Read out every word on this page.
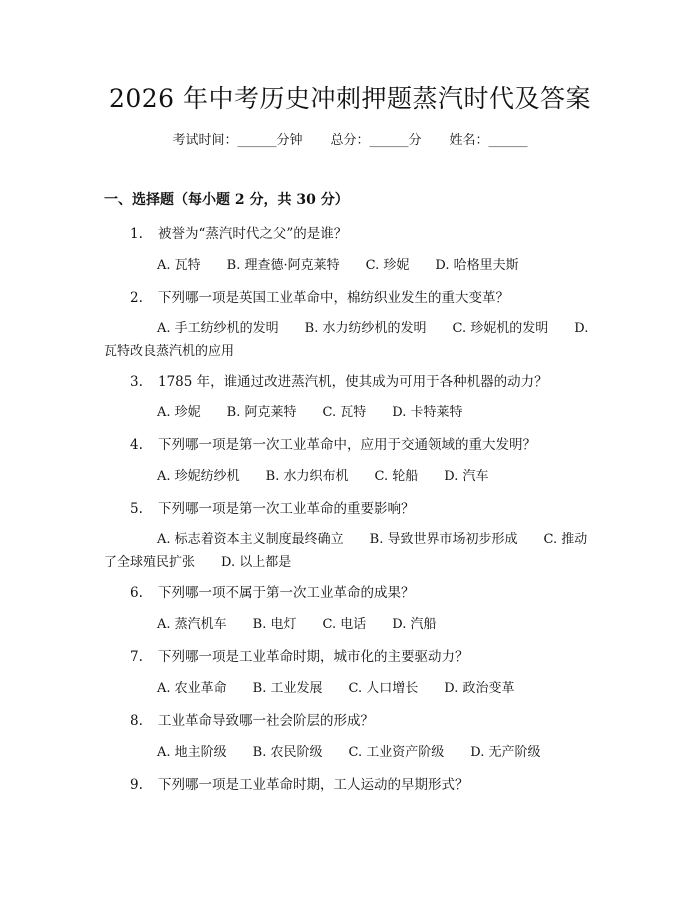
2026 年中考历史冲刺押题蒸汽时代及答案
考试时间：______分钟 总分：______分 姓名：______
一、选择题（每小题 2 分，共 30 分）
1. 被誉为“蒸汽时代之父”的是谁？
A. 瓦特 B. 理查德·阿克莱特 C. 珍妮 D. 哈格里夫斯
2. 下列哪一项是英国工业革命中，棉纺织业发生的重大变革？
A. 手工纺纱机的发明 B. 水力纺纱机的发明 C. 珍妮机的发明 D. 瓦特改良蒸汽机的应用
3. 1785 年，谁通过改进蒸汽机，使其成为可用于各种机器的动力？
A. 珍妮 B. 阿克莱特 C. 瓦特 D. 卡特莱特
4. 下列哪一项是第一次工业革命中，应用于交通领域的重大发明？
A. 珍妮纺纱机 B. 水力织布机 C. 轮船 D. 汽车
5. 下列哪一项是第一次工业革命的重要影响？
A. 标志着资本主义制度最终确立 B. 导致世界市场初步形成 C. 推动了全球殖民扩张 D. 以上都是
6. 下列哪一项不属于第一次工业革命的成果？
A. 蒸汽机车 B. 电灯 C. 电话 D. 汽船
7. 下列哪一项是工业革命时期，城市化的主要驱动力？
A. 农业革命 B. 工业发展 C. 人口增长 D. 政治变革
8. 工业革命导致哪一社会阶层的形成？
A. 地主阶级 B. 农民阶级 C. 工业资产阶级 D. 无产阶级
9. 下列哪一项是工业革命时期，工人运动的早期形式？
